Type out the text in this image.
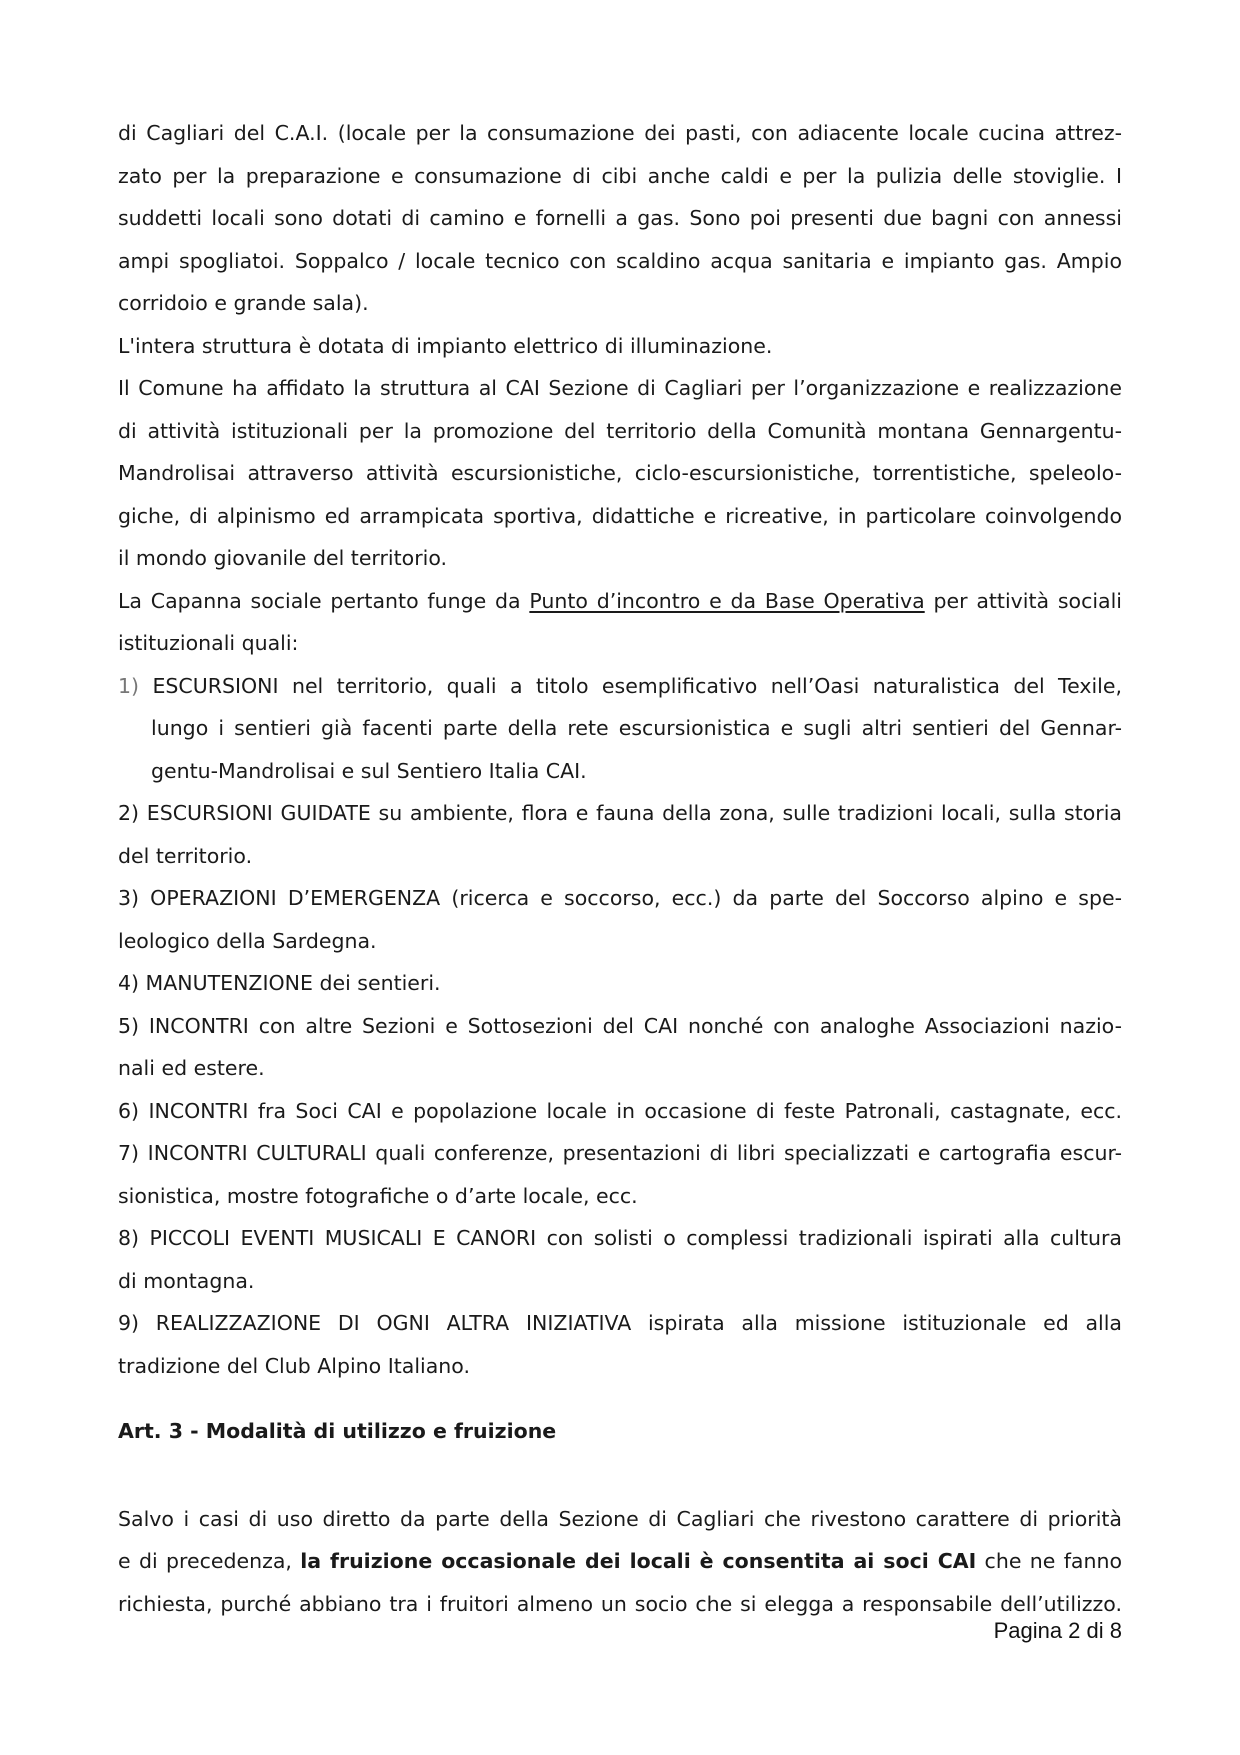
di Cagliari del C.A.I. (locale per la consumazione dei pasti, con adiacente locale cucina attrez-
zato per la preparazione e consumazione di cibi anche caldi e per la pulizia delle stoviglie. I
suddetti locali sono dotati di camino e fornelli a gas. Sono poi presenti due bagni con annessi
ampi spogliatoi. Soppalco / locale tecnico con scaldino acqua sanitaria e impianto gas. Ampio
corridoio e grande sala).
L'intera struttura è dotata di impianto elettrico di illuminazione.
Il Comune ha affidato la struttura al CAI Sezione di Cagliari per l’organizzazione e realizzazione
di attività istituzionali per la promozione del territorio della Comunità montana Gennargentu-
Mandrolisai attraverso attività escursionistiche, ciclo-escursionistiche, torrentistiche, speleolo-
giche, di alpinismo ed arrampicata sportiva, didattiche e ricreative, in particolare coinvolgendo
il mondo giovanile del territorio.
La Capanna sociale pertanto funge da Punto d’incontro e da Base Operativa per attività sociali
istituzionali quali:
1) ESCURSIONI nel territorio, quali a titolo esemplificativo nell’Oasi naturalistica del Texile,
lungo i sentieri già facenti parte della rete escursionistica e sugli altri sentieri del Gennar-
gentu-Mandrolisai e sul Sentiero Italia CAI.
2) ESCURSIONI GUIDATE su ambiente, flora e fauna della zona, sulle tradizioni locali, sulla storia
del territorio.
3) OPERAZIONI D’EMERGENZA (ricerca e soccorso, ecc.) da parte del Soccorso alpino e spe-
leologico della Sardegna.
4) MANUTENZIONE dei sentieri.
5) INCONTRI con altre Sezioni e Sottosezioni del CAI nonché con analoghe Associazioni nazio-
nali ed estere.
6) INCONTRI fra Soci CAI e popolazione locale in occasione di feste Patronali, castagnate, ecc.
7) INCONTRI CULTURALI quali conferenze, presentazioni di libri specializzati e cartografia escur-
sionistica, mostre fotografiche o d’arte locale, ecc.
8) PICCOLI EVENTI MUSICALI E CANORI con solisti o complessi tradizionali ispirati alla cultura
di montagna.
9) REALIZZAZIONE DI OGNI ALTRA INIZIATIVA ispirata alla missione istituzionale ed alla
tradizione del Club Alpino Italiano.
Art. 3 - Modalità di utilizzo e fruizione
Salvo i casi di uso diretto da parte della Sezione di Cagliari che rivestono carattere di priorità
e di precedenza, la fruizione occasionale dei locali è consentita ai soci CAI che ne fanno
richiesta, purché abbiano tra i fruitori almeno un socio che si elegga a responsabile dell’utilizzo.
Pagina 2 di 8
